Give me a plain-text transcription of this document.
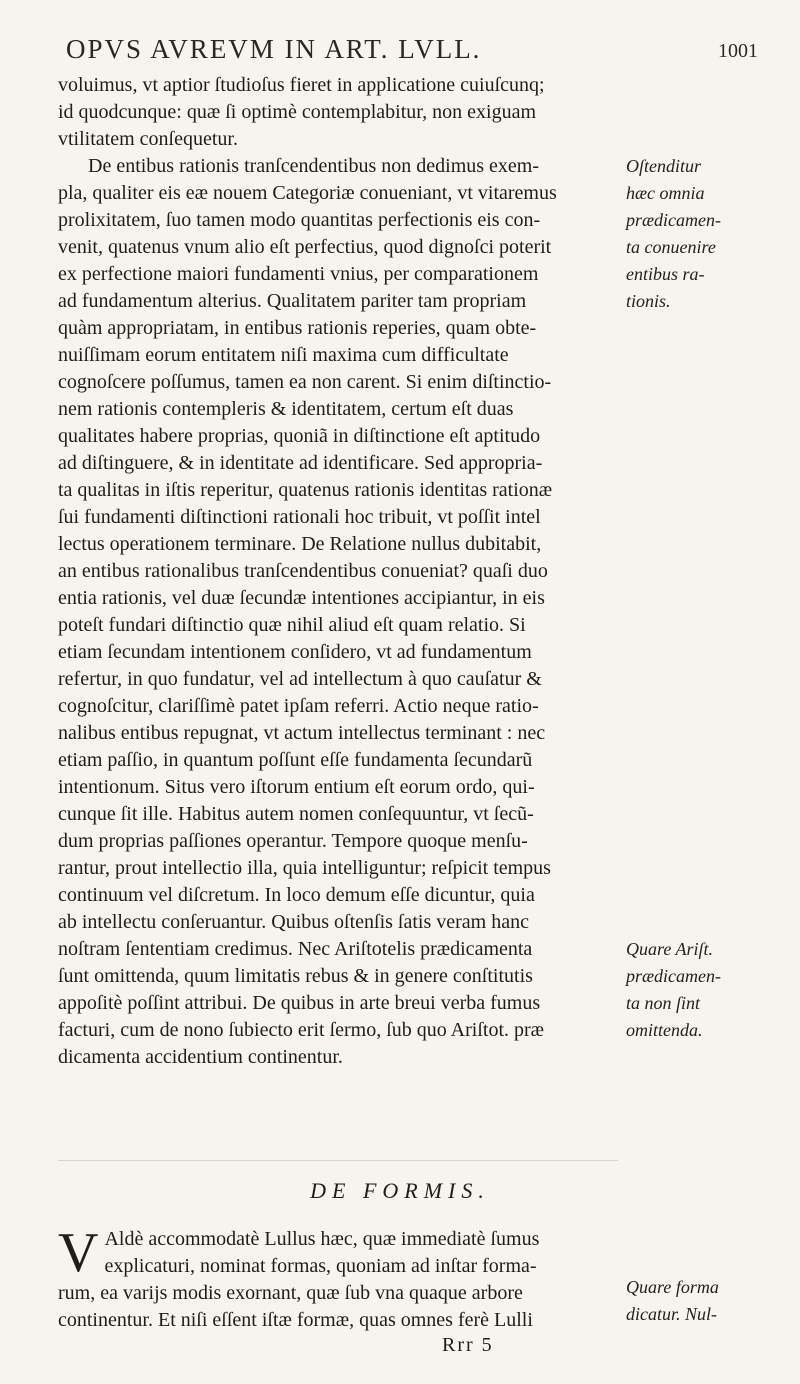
OPVS AVREVM IN ART. LVLL.	1001
voluimus, vt aptior ſtudioſus fieret in applicatione cuiuſcunq;
id quodcunque: quæ ſi optimè contemplabitur, non exiguam
vtilitatem conſequetur.
De entibus rationis tranſcendentibus non dedimus exem-
pla, qualiter eis eæ nouem Categoriæ conueniant, vt vitaremus
prolixitatem, ſuo tamen modo quantitas perfectionis eis con-
venit, quatenus vnum alio eſt perfectius, quod dignoſci poterit
ex perfectione maiori fundamenti vnius, per comparationem
ad fundamentum alterius. Qualitatem pariter tam propriam
quàm appropriatam, in entibus rationis reperies, quam obte-
nuiſſimam eorum entitatem niſi maxima cum difficultate
cognoſcere poſſumus, tamen ea non carent. Si enim diſtinctio-
nem rationis contempleris & identitatem, certum eſt duas
qualitates habere proprias, quoniã in diſtinctione eſt aptitudo
ad diſtinguere, & in identitate ad identificare. Sed appropria-
ta qualitas in iſtis reperitur, quatenus rationis identitas rationæ
ſui fundamenti diſtinctioni rationali hoc tribuit, vt poſſit intel
lectus operationem terminare. De Relatione nullus dubitabit,
an entibus rationalibus tranſcendentibus conueniat? quaſi duo
entia rationis, vel duæ ſecundæ intentiones accipiantur, in eis
poteſt fundari diſtinctio quæ nihil aliud eſt quam relatio. Si
etiam ſecundam intentionem conſidero, vt ad fundamentum
refertur, in quo fundatur, vel ad intellectum à quo cauſatur &
cognoſcitur, clariſſimè patet ipſam referri. Actio neque ratio-
nalibus entibus repugnat, vt actum intellectus terminant : nec
etiam paſſio, in quantum poſſunt eſſe fundamenta ſecundarũ
intentionum. Situs vero iſtorum entium eſt eorum ordo, qui-
cunque ſit ille. Habitus autem nomen conſequuntur, vt ſecũ-
dum proprias paſſiones operantur. Tempore quoque menſu-
rantur, prout intellectio illa, quia intelliguntur; reſpicit tempus
continuum vel diſcretum. In loco demum eſſe dicuntur, quia
ab intellectu conſeruantur. Quibus oſtenſis ſatis veram hanc
noſtram ſententiam credimus. Nec Ariſtotelis prædicamenta
ſunt omittenda, quum limitatis rebus & in genere conſtitutis
appoſitè poſſint attribui. De quibus in arte breui verba fumus
facturi, cum de nono ſubiecto erit ſermo, ſub quo Ariſtot. præ
dicamenta accidentium continentur.
Oſtenditur
hæc omnia
prædicamen-
ta conuenire
entibus ra-
tionis.
Quare Ariſt.
prædicamen-
ta non ſint
omittenda.
Quare forma
dicatur. Nul-
DE FORMIS.
V Aldè accommodatè Lullus hæc, quæ immediatè ſumus
explicaturi, nominat formas, quoniam ad inſtar forma-
rum, ea varijs modis exornant, quæ ſub vna quaque arbore
continentur. Et niſi eſſent iſtæ formæ, quas omnes ferè Lulli
Rrr 5
